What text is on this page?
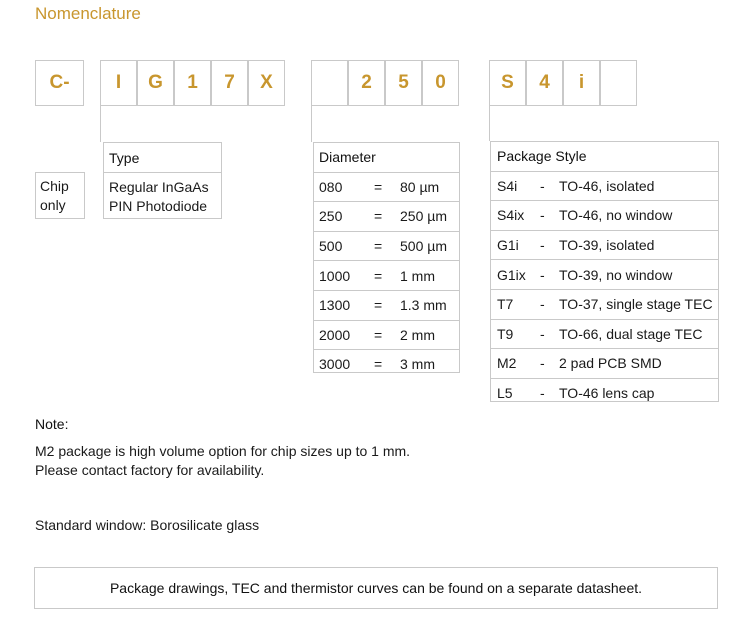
Nomenclature
C-	I	G	1	7	X	2	5	0	S	4	i
Chip
only
Type
Regular InGaAs
PIN Photodiode
Diameter
080 = 80 µm
250 = 250 µm
500 = 500 µm
1000 = 1 mm
1300 = 1.3 mm
2000 = 2 mm
3000 = 3 mm
Package Style
S4i - TO-46, isolated
S4ix - TO-46, no window
G1i - TO-39, isolated
G1ix - TO-39, no window
T7 - TO-37, single stage TEC
T9 - TO-66, dual stage TEC
M2 - 2 pad PCB SMD
L5 - TO-46 lens cap
Note:
M2 package is high volume option for chip sizes up to 1 mm.
Please contact factory for availability.
Standard window: Borosilicate glass
Package drawings, TEC and thermistor curves can be found on a separate datasheet.
